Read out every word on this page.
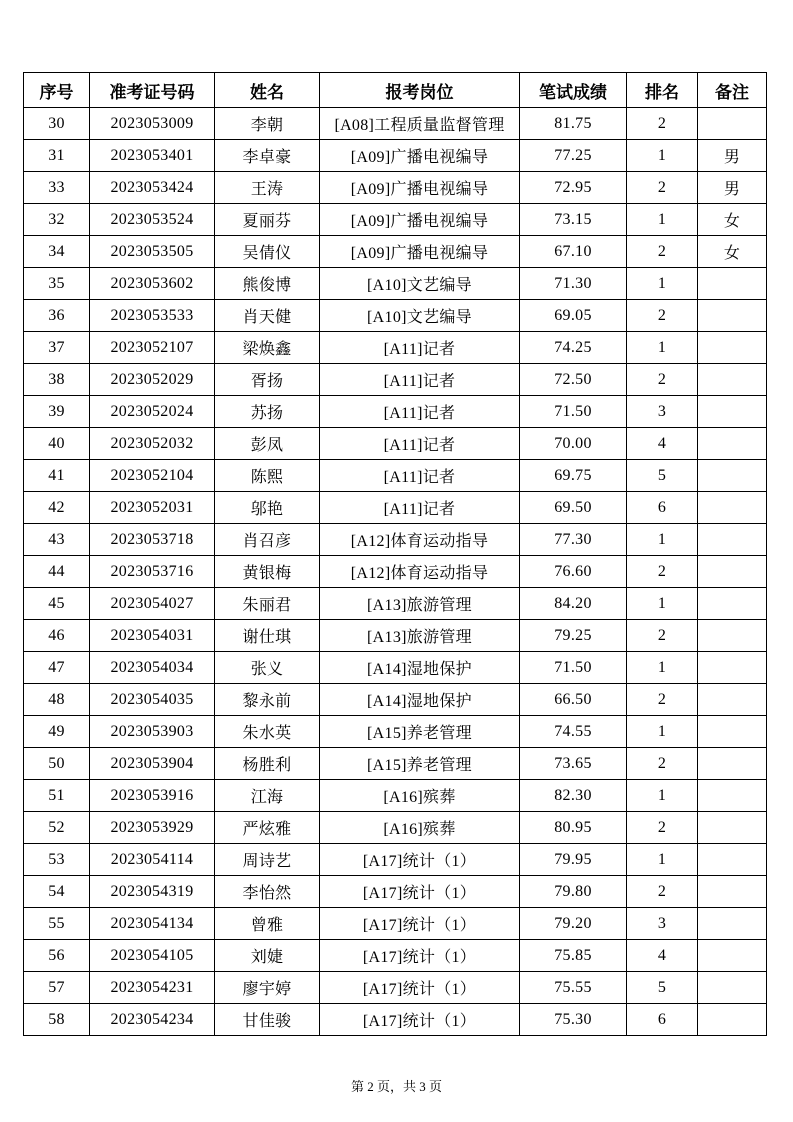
序号	准考证号码	姓名	报考岗位	笔试成绩	排名	备注
30	2023053009	李朝	[A08]工程质量监督管理	81.75	2	
31	2023053401	李卓豪	[A09]广播电视编导	77.25	1	男
33	2023053424	王涛	[A09]广播电视编导	72.95	2	男
32	2023053524	夏丽芬	[A09]广播电视编导	73.15	1	女
34	2023053505	吴倩仪	[A09]广播电视编导	67.10	2	女
35	2023053602	熊俊博	[A10]文艺编导	71.30	1	
36	2023053533	肖天健	[A10]文艺编导	69.05	2	
37	2023052107	梁焕鑫	[A11]记者	74.25	1	
38	2023052029	胥扬	[A11]记者	72.50	2	
39	2023052024	苏扬	[A11]记者	71.50	3	
40	2023052032	彭凤	[A11]记者	70.00	4	
41	2023052104	陈熙	[A11]记者	69.75	5	
42	2023052031	邬艳	[A11]记者	69.50	6	
43	2023053718	肖召彦	[A12]体育运动指导	77.30	1	
44	2023053716	黄银梅	[A12]体育运动指导	76.60	2	
45	2023054027	朱丽君	[A13]旅游管理	84.20	1	
46	2023054031	谢仕琪	[A13]旅游管理	79.25	2	
47	2023054034	张义	[A14]湿地保护	71.50	1	
48	2023054035	黎永前	[A14]湿地保护	66.50	2	
49	2023053903	朱水英	[A15]养老管理	74.55	1	
50	2023053904	杨胜利	[A15]养老管理	73.65	2	
51	2023053916	江海	[A16]殡葬	82.30	1	
52	2023053929	严炫雅	[A16]殡葬	80.95	2	
53	2023054114	周诗艺	[A17]统计（1）	79.95	1	
54	2023054319	李怡然	[A17]统计（1）	79.80	2	
55	2023054134	曾雅	[A17]统计（1）	79.20	3	
56	2023054105	刘婕	[A17]统计（1）	75.85	4	
57	2023054231	廖宇婷	[A17]统计（1）	75.55	5	
58	2023054234	甘佳骏	[A17]统计（1）	75.30	6	
第 2 页，共 3 页
